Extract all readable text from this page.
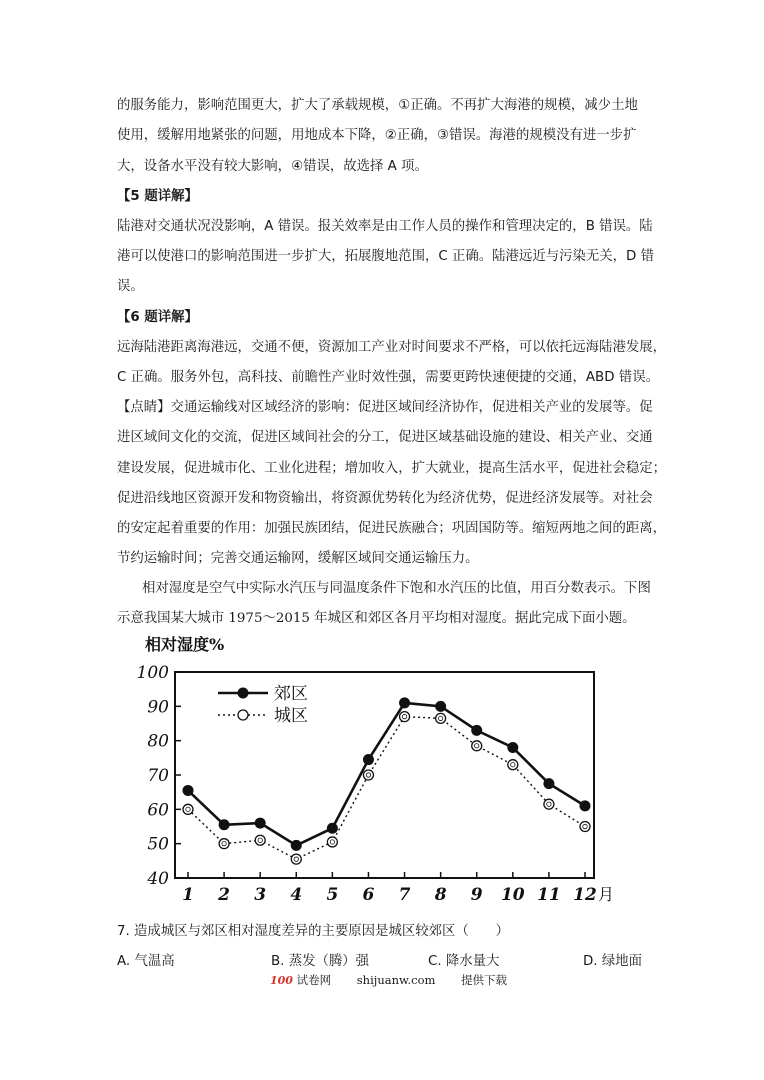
的服务能力，影响范围更大，扩大了承载规模，①正确。不再扩大海港的规模，减少土地
使用，缓解用地紧张的问题，用地成本下降，②正确，③错误。海港的规模没有进一步扩
大，设备水平没有较大影响，④错误，故选择 A 项。
【5 题详解】
陆港对交通状况没影响，A 错误。报关效率是由工作人员的操作和管理决定的，B 错误。陆
港可以使港口的影响范围进一步扩大，拓展腹地范围，C 正确。陆港远近与污染无关，D 错
误。
【6 题详解】
远海陆港距离海港远，交通不便，资源加工产业对时间要求不严格，可以依托远海陆港发展，
C 正确。服务外包，高科技、前瞻性产业时效性强，需要更跨快速便捷的交通，ABD 错误。
【点睛】交通运输线对区域经济的影响：促进区域间经济协作，促进相关产业的发展等。促
进区域间文化的交流，促进区域间社会的分工，促进区域基础设施的建设、相关产业、交通
建设发展，促进城市化、工业化进程；增加收入，扩大就业，提高生活水平，促进社会稳定；
促进沿线地区资源开发和物资输出，将资源优势转化为经济优势，促进经济发展等。对社会
的安定起着重要的作用：加强民族团结，促进民族融合；巩固国防等。缩短两地之间的距离，
节约运输时间；完善交通运输网，缓解区域间交通运输压力。
相对湿度是空气中实际水汽压与同温度条件下饱和水汽压的比值，用百分数表示。下图
示意我国某大城市 1975～2015 年城区和郊区各月平均相对湿度。据此完成下面小题。
相对湿度%
40
50
60
70
80
90
100
1 2 3 4 5 6 7 8 9 10 11 12 月
郊区
城区
7. 造成城区与郊区相对湿度差异的主要原因是城区较郊区（　　）
A. 气温高	B. 蒸发（腾）强	C. 降水量大	D. 绿地面
100 试卷网 shijuanw.com 提供下载
